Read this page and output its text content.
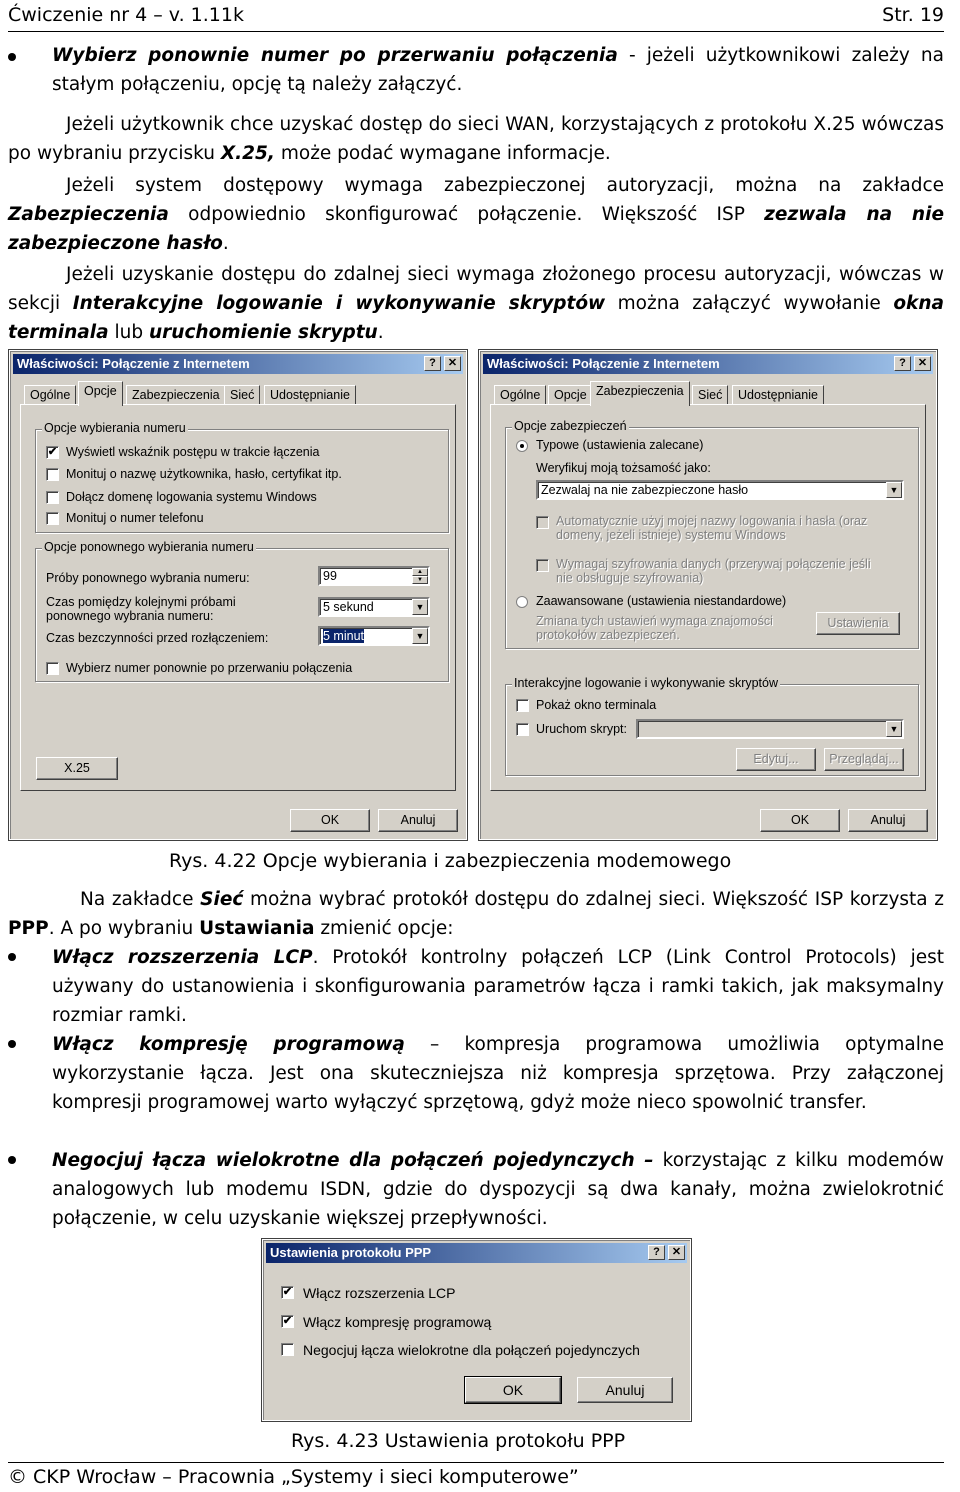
Ćwiczenie nr 4 – v. 1.11k	Str. 19
Wybierz ponownie numer po przerwaniu połączenia - jeżeli użytkownikowi zależy na stałym połączeniu, opcję tą należy załączyć.
Jeżeli użytkownik chce uzyskać dostęp do sieci WAN, korzystających z protokołu X.25 wówczas po wybraniu przycisku X.25, może podać wymagane informacje.
Jeżeli system dostępowy wymaga zabezpieczonej autoryzacji, można na zakładce Zabezpieczenia odpowiednio skonfigurować połączenie. Większość ISP zezwala na nie zabezpieczone hasło.
Jeżeli uzyskanie dostępu do zdalnej sieci wymaga złożonego procesu autoryzacji, wówczas w sekcji Interakcyjne logowanie i wykonywanie skryptów można załączyć wywołanie okna terminala lub uruchomienie skryptu.
Właściwości: Połączenie z Internetem	?	✕
Ogólne	Opcje	Zabezpieczenia Sieć	Udostępnianie
Opcje wybierania numeru
✔ Wyświetl wskaźnik postępu w trakcie łączenia
Monituj o nazwę użytkownika, hasło, certyfikat itp.
Dołącz domenę logowania systemu Windows
Monituj o numer telefonu
Opcje ponownego wybierania numeru
Próby ponownego wybrania numeru:	99	▲
▼
Czas pomiędzy kolejnymi próbami ponownego wybrania numeru:
5 sekund	▼
Czas bezczynności przed rozłączeniem:	5 minut	▼
Wybierz numer ponownie po przerwaniu połączenia
X.25
OK	Anuluj
Właściwości: Połączenie z Internetem	?	✕
Ogólne	Opcje Zabezpieczenia	Sieć	Udostępnianie
Opcje zabezpieczeń
Typowe (ustawienia zalecane)
Weryfikuj moją tożsamość jako:
Zezwalaj na nie zabezpieczone hasło	▼
Automatycznie użyj mojej nazwy logowania i hasła (oraz domeny, jeżeli istnieje) systemu Windows
Wymagaj szyfrowania danych (przerywaj połączenie jeśli nie obsługuje szyfrowania)
Zaawansowane (ustawienia niestandardowe)
Zmiana tych ustawień wymaga znajomości protokołów zabezpieczeń.
Ustawienia
Interakcyjne logowanie i wykonywanie skryptów
Pokaż okno terminala
Uruchom skrypt:	▼
Edytuj...	Przeglądaj...
OK	Anuluj
Rys. 4.22 Opcje wybierania i zabezpieczenia modemowego
Na zakładce Sieć można wybrać protokół dostępu do zdalnej sieci. Większość ISP korzysta z PPP. A po wybraniu Ustawiania zmienić opcje:
Włącz rozszerzenia LCP. Protokół kontrolny połączeń LCP (Link Control Protocols) jest używany do ustanowienia i skonfigurowania parametrów łącza i ramki takich, jak maksymalny rozmiar ramki.
Włącz kompresję programową – kompresja programowa umożliwia optymalne wykorzystanie łącza. Jest ona skuteczniejsza niż kompresja sprzętowa. Przy załączonej kompresji programowej warto wyłączyć sprzętową, gdyż może nieco spowolnić transfer.
Negocjuj łącza wielokrotne dla połączeń pojedynczych – korzystając z kilku modemów analogowych lub modemu ISDN, gdzie do dyspozycji są dwa kanały, można zwielokrotnić połączenie, w celu uzyskanie większej przepływności.
Ustawienia protokołu PPP	?	✕
✔ Włącz rozszerzenia LCP
✔ Włącz kompresję programową
Negocjuj łącza wielokrotne dla połączeń pojedynczych
OK	Anuluj
Rys. 4.23 Ustawienia protokołu PPP
© CKP Wrocław – Pracownia „Systemy i sieci komputerowe”
